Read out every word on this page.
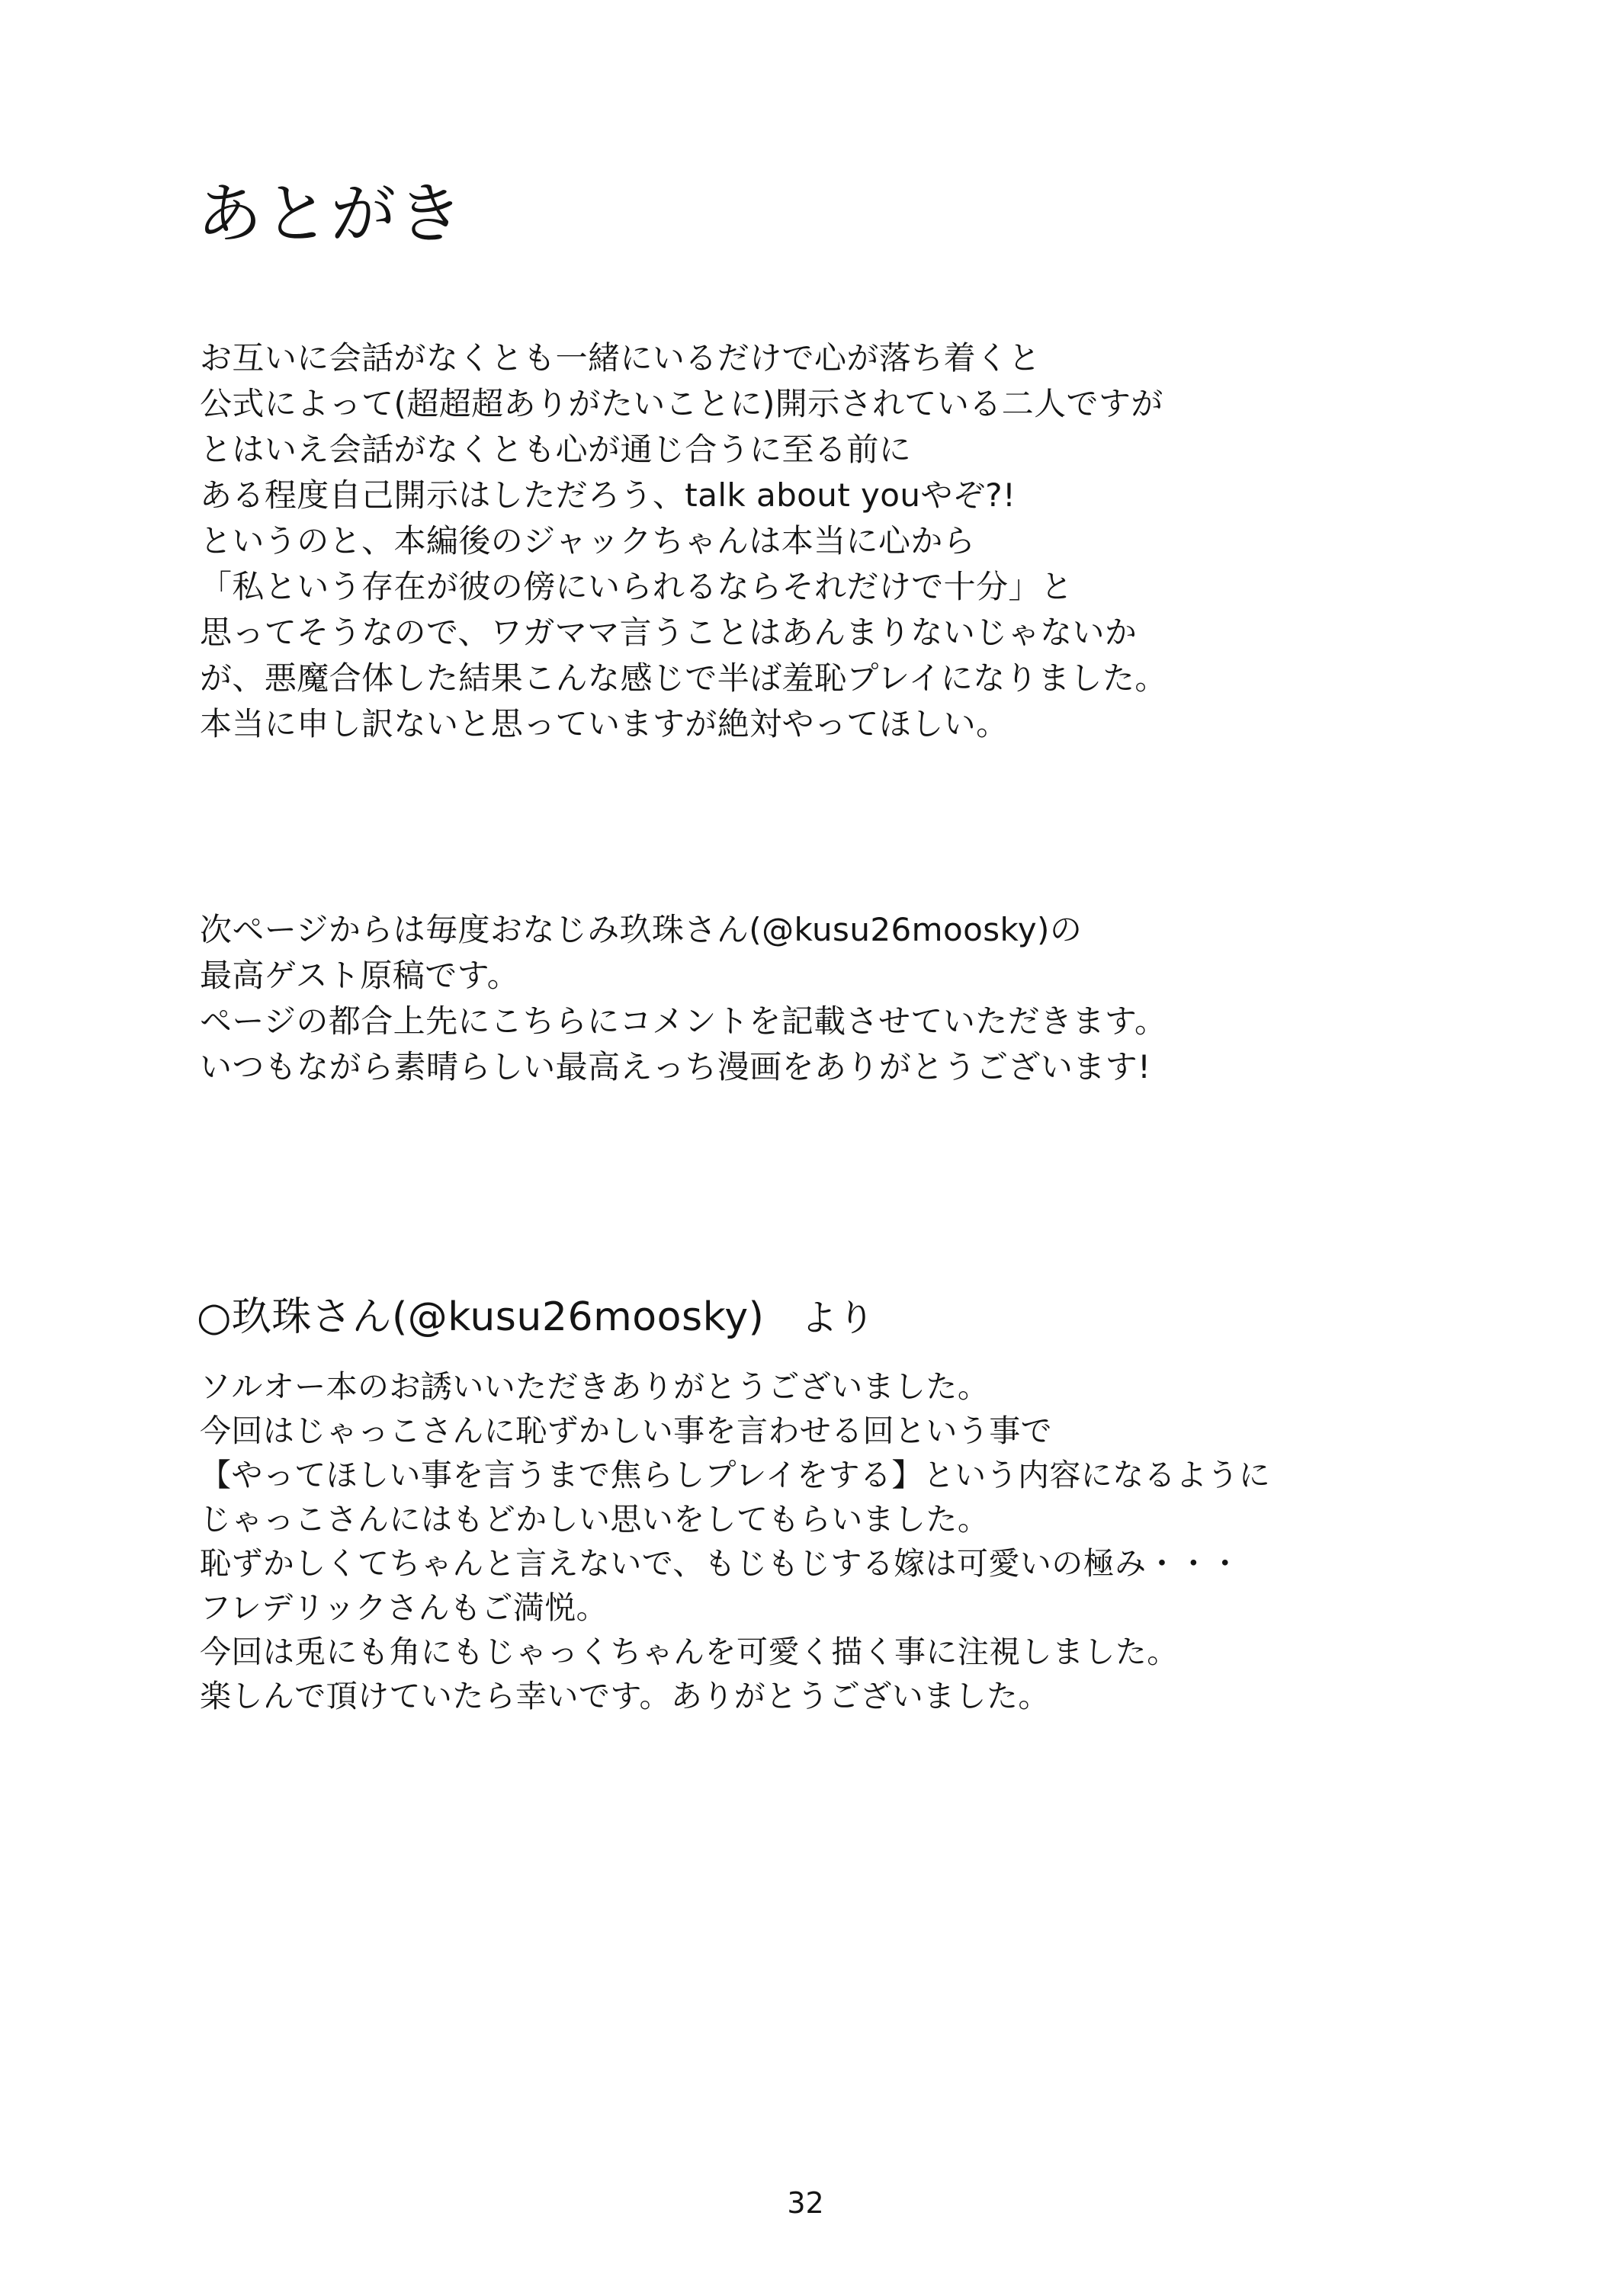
あとがき

お互いに会話がなくとも一緒にいるだけで心が落ち着くと

公式によって(超超超ありがたいことに)開示されている二人ですが

とはいえ会話がなくとも心が通じ合うに至る前に

ある程度自己開示はしただろう、talk about youやぞ?!

というのと、本編後のジャックちゃんは本当に心から

「私という存在が彼の傍にいられるならそれだけで十分」と

思ってそうなので、ワガママ言うことはあんまりないじゃないか

が、悪魔合体した結果こんな感じで半ば羞恥プレイになりました。

本当に申し訳ないと思っていますが絶対やってほしい。

次ページからは毎度おなじみ玖珠さん(@kusu26moosky)の

最高ゲスト原稿です。

ページの都合上先にこちらにコメントを記載させていただきます。

いつもながら素晴らしい最高えっち漫画をありがとうございます!

○玖珠さん(@kusu26moosky) より

ソルオー本のお誘いいただきありがとうございました。

今回はじゃっこさんに恥ずかしい事を言わせる回という事で

【やってほしい事を言うまで焦らしプレイをする】という内容になるように

じゃっこさんにはもどかしい思いをしてもらいました。

恥ずかしくてちゃんと言えないで、もじもじする嫁は可愛いの極み・・・

フレデリックさんもご満悦。

今回は兎にも角にもじゃっくちゃんを可愛く描く事に注視しました。

楽しんで頂けていたら幸いです。ありがとうございました。

32
